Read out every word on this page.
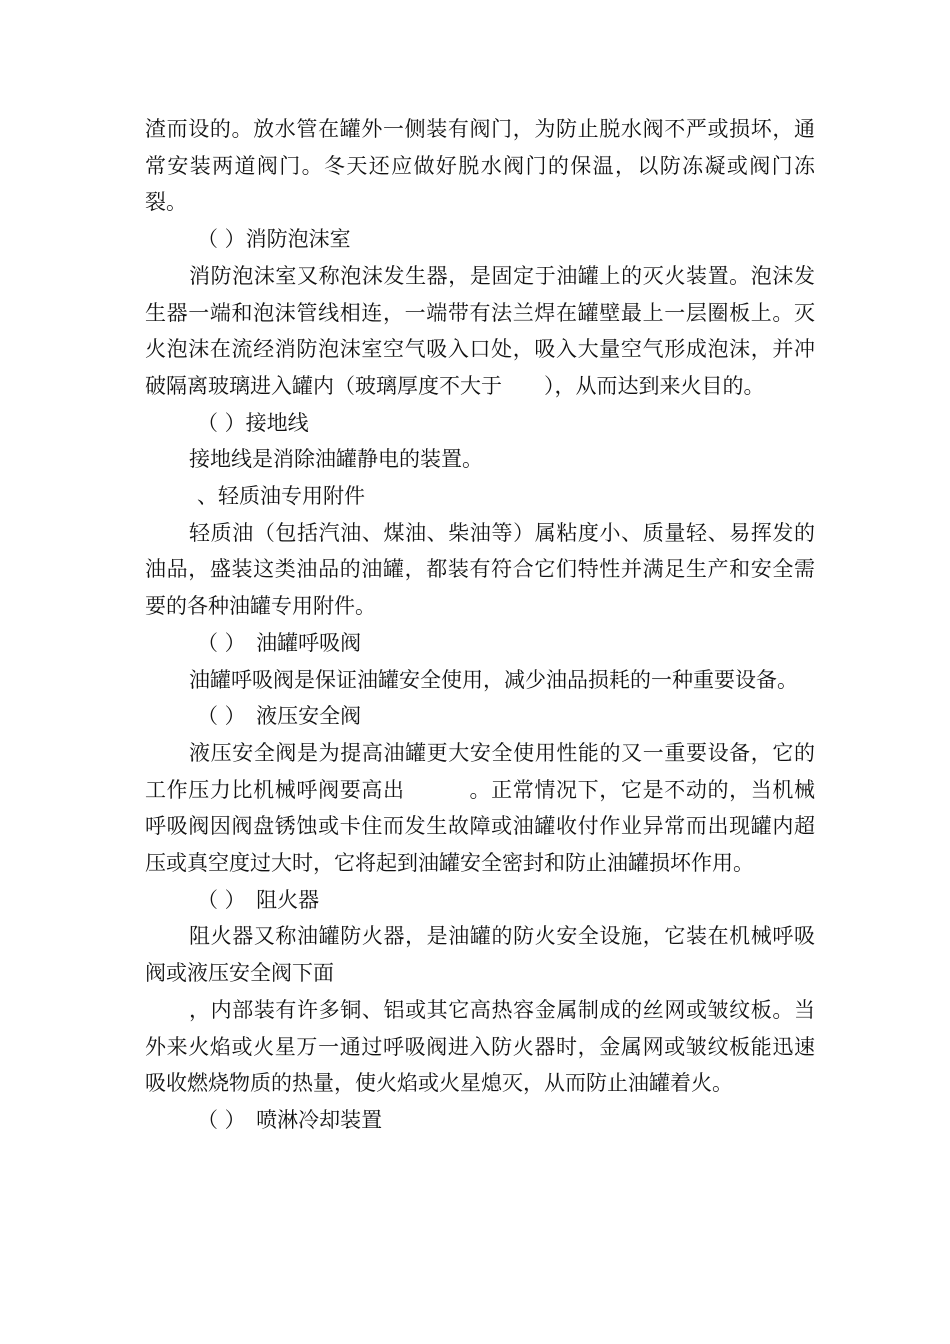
渣而设的。放水管在罐外一侧装有阀门，为防止脱水阀不严或损坏，通常安装两道阀门。冬天还应做好脱水阀门的保温，以防冻凝或阀门冻裂。

（ ）消防泡沫室

消防泡沫室又称泡沫发生器，是固定于油罐上的灭火装置。泡沫发生器一端和泡沫管线相连，一端带有法兰焊在罐壁最上一层圈板上。灭火泡沫在流经消防泡沫室空气吸入口处，吸入大量空气形成泡沫，并冲破隔离玻璃进入罐内（玻璃厚度不大于　　），从而达到来火目的。

（ ）接地线

接地线是消除油罐静电的装置。

、轻质油专用附件

轻质油（包括汽油、煤油、柴油等）属粘度小、质量轻、易挥发的油品，盛装这类油品的油罐，都装有符合它们特性并满足生产和安全需要的各种油罐专用附件。

（ ）　油罐呼吸阀

油罐呼吸阀是保证油罐安全使用，减少油品损耗的一种重要设备。

（ ）　液压安全阀

液压安全阀是为提高油罐更大安全使用性能的又一重要设备，它的工作压力比机械呼阀要高出　　　。正常情况下，它是不动的，当机械呼吸阀因阀盘锈蚀或卡住而发生故障或油罐收付作业异常而出现罐内超压或真空度过大时，它将起到油罐安全密封和防止油罐损坏作用。

（ ）　阻火器

阻火器又称油罐防火器，是油罐的防火安全设施，它装在机械呼吸阀或液压安全阀下面

，内部装有许多铜、铝或其它高热容金属制成的丝网或皱纹板。当外来火焰或火星万一通过呼吸阀进入防火器时，金属网或皱纹板能迅速吸收燃烧物质的热量，使火焰或火星熄灭，从而防止油罐着火。

（ ）　喷淋冷却装置
